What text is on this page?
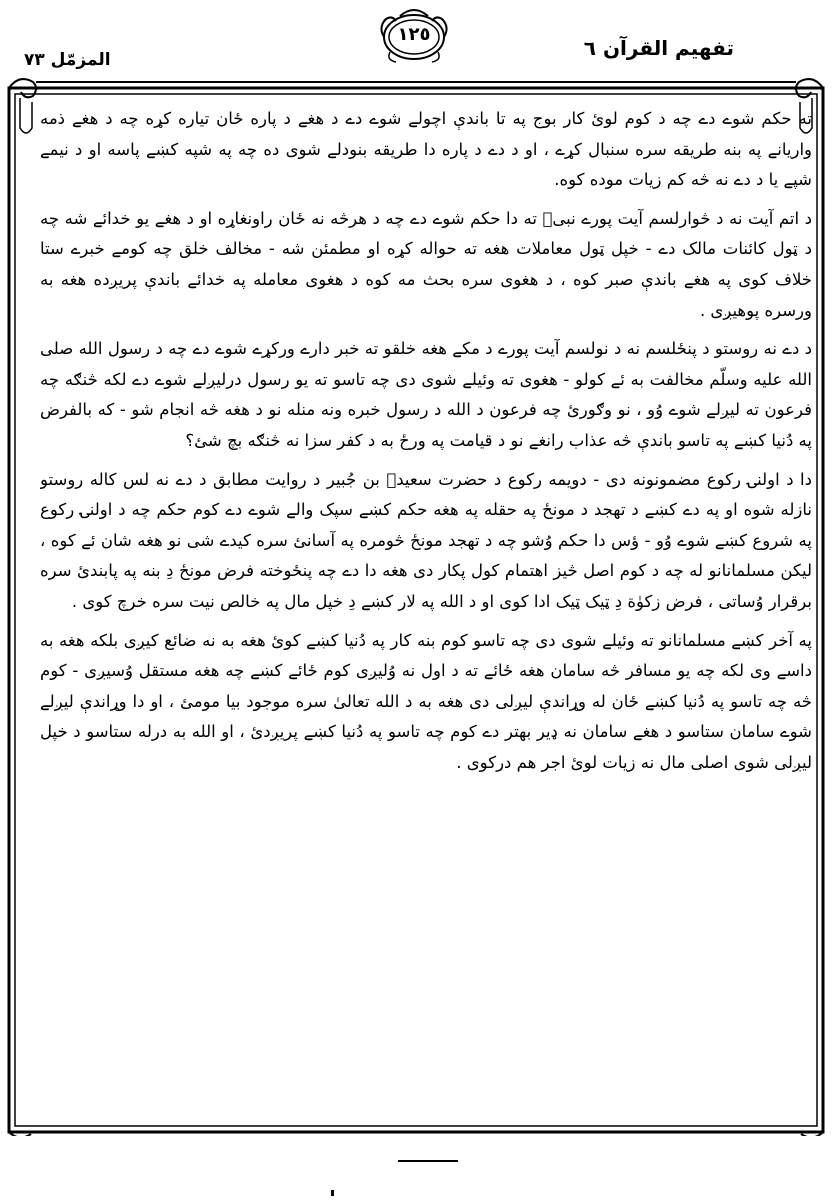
تفهيم القرآن ٦
١٢٥
المزمّل ٧٣

ته حکم شوے دے چه د کوم لوئ کار بوج په تا باندې اچولے شوے دے د هغے د پاره ځان تیاره کړه چه د هغے ذمه واریانے په بنه طریقه سره سنبال کړے ، او د دے د پاره دا طریقه بنودلے شوی ده چه په شپه کښے پاسه او د نیمے شپے یا د دے نه څه کم زیات موده کوه.

د اتم آیت نه د څوارلسم آیت پورے نبیؐ ته دا حکم شوے دے چه د هرڅه نه ځان راونغاړه او د هغے یو خدائے شه چه د ټول کائنات مالک دے - خپل ټول معاملات هغه ته حواله کړه او مطمئن شه - مخالف خلق چه کومے خبرے ستا خلاف کوی په هغے باندې صبر کوه ، د هغوی سره بحث مه کوه د هغوی معامله په خدائے باندې پریږده هغه به ورسره پوهیږی .

د دے نه روستو د پنځلسم نه د نولسم آیت پورے د مکے هغه خلقو ته خبر دارے ورکړے شوے دے چه د رسول الله صلی الله علیه وسلّم مخالفت به ئے کولو - هغوی ته وئیلے شوی دی چه تاسو ته یو رسول درلیږلے شوے دے لکه څنګه چه فرعون ته لیږلے شوے وُو ، نو وګورئ چه فرعون د الله د رسول خبره ونه منله نو د هغه څه انجام شو - که بالفرض په دُنیا کښے په تاسو باندې څه عذاب رانغے نو د قیامت په ورځ به د کفر سزا نه څنګه بچ شئ؟

دا د اولنۍ رکوع مضمونونه دی - دویمه رکوع د حضرت سعیدؓ بن جُبیر د روایت مطابق د دے نه لس کاله روستو نازله شوه او په دے کښے د تهجد د مونځ په حقله په هغه حکم کښے سپک والے شوے دے کوم حکم چه د اولنۍ رکوع په شروع کښے شوے وُو - ؤس دا حکم وُشو چه د تهجد مونځ څومره په آسانئ سره کیدے شی نو هغه شان ئے کوه ، لیکن مسلمانانو له چه د کوم اصل څیز اهتمام کول پکار دی هغه دا دے چه پنځوخته فرض مونځ دِ بنه په پابندئ سره برقرار وُساتی ، فرض زکوٰة دِ ټیک ټیک ادا کوی او د الله په لار کښے دِ خپل مال په خالص نیت سره خرچ کوی .

په آخر کښے مسلمانانو ته وئیلے شوی دی چه تاسو کوم بنه کار په دُنیا کښے کوئ هغه به نه ضائع کیږی بلکه هغه به داسے وی لکه چه یو مسافر څه سامان هغه ځائے ته د اول نه وُلیږی کوم ځائے کښے چه هغه مستقل وُسیږی - کوم څه چه تاسو په دُنیا کښے ځان له وړاندې لیږلی دی هغه به د الله تعالیٰ سره موجود بیا مومئ ، او دا وړاندې لیږلے شوے سامان ستاسو د هغے سامان نه ډیر بهتر دے کوم چه تاسو په دُنیا کښے پریږدئ ، او الله به درله ستاسو د خپل لیږلی شوی اصلی مال نه زیات لوئ اجر هم درکوی .
